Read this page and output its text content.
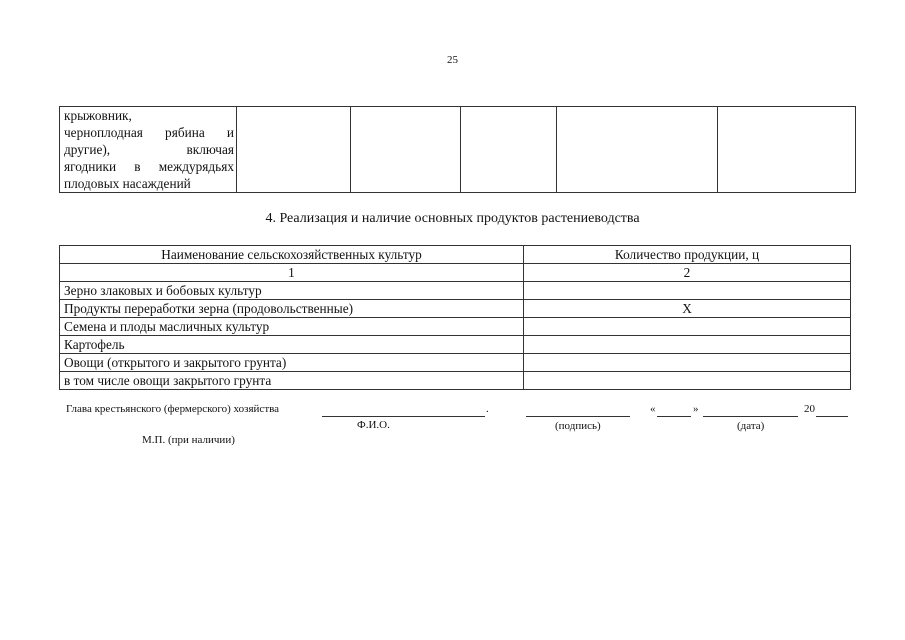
25
крыжовник,
черноплодная рябина и
другие), включая
ягодники в междурядьях
плодовых насаждений

4. Реализация и наличие основных продуктов растениеводства
Наименование сельскохозяйственных культур	Количество продукции, ц
1	2
Зерно злаковых и бобовых культур	
Продукты переработки зерна (продовольственные)	X
Семена и плоды масличных культур	
Картофель	
Овощи (открытого и закрытого грунта)	
в том числе овощи закрытого грунта	
Глава крестьянского (фермерского) хозяйства	.	«	»	20
Ф.И.О.	(подпись)	(дата)
М.П. (при наличии)
